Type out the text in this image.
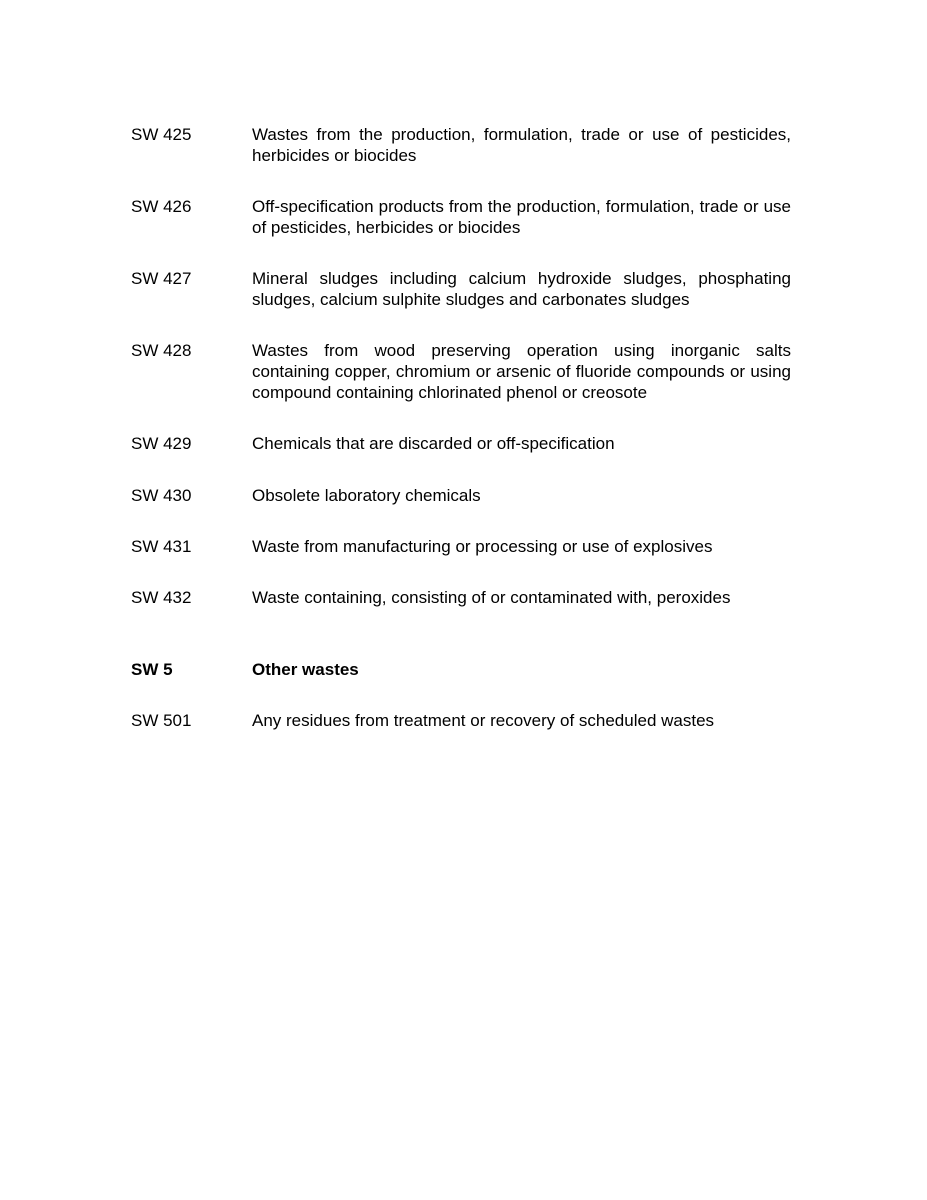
SW 425	Wastes from the production, formulation, trade or use of pesticides, herbicides or biocides
SW 426	Off-specification products from the production, formulation, trade or use of pesticides, herbicides or biocides
SW 427	Mineral sludges including calcium hydroxide sludges, phosphating sludges, calcium sulphite sludges and carbonates sludges
SW 428	Wastes from wood preserving operation using inorganic salts containing copper, chromium or arsenic of fluoride compounds or using compound containing chlorinated phenol or creosote
SW 429	Chemicals that are discarded or off-specification
SW 430	Obsolete laboratory chemicals
SW 431	Waste from manufacturing or processing or use of explosives
SW 432	Waste containing, consisting of or contaminated with, peroxides
SW 5	Other wastes
SW 501	Any residues from treatment or recovery of scheduled wastes
